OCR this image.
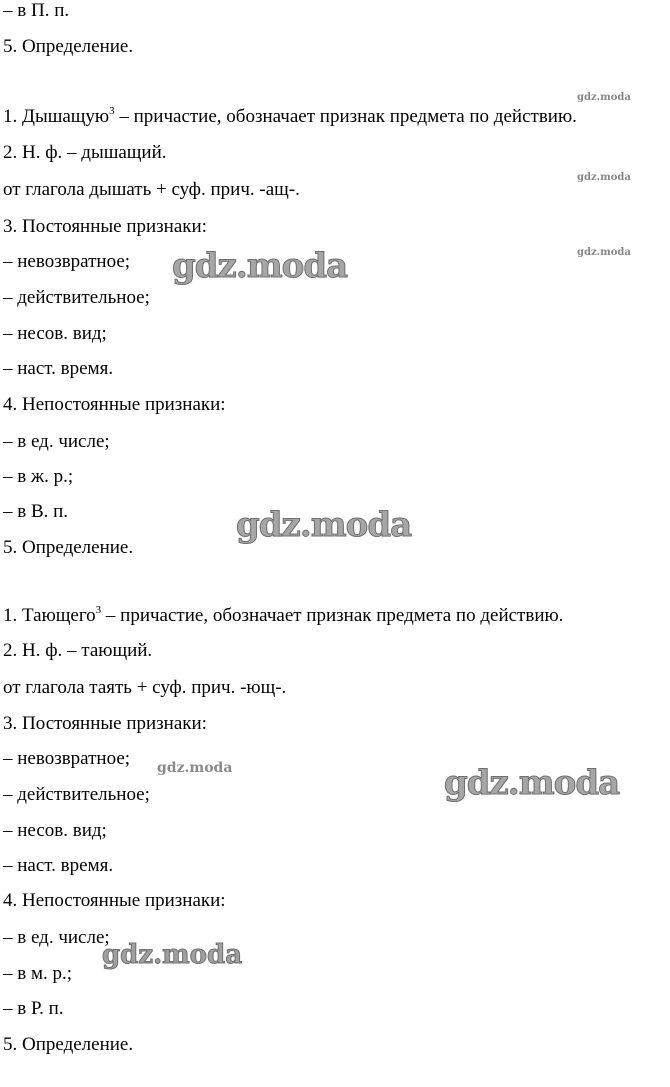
– в П. п.
5. Определение.
1. Дышащую$^3$ – причастие, обозначает признак предмета по действию.
2. Н. ф. – дышащий.
от глагола дышать + суф. прич. -ащ-.
3. Постоянные признаки:
– невозвратное;
– действительное;
– несов. вид;
– наст. время.
4. Непостоянные признаки:
– в ед. числе;
– в ж. р.;
– в В. п.
5. Определение.
1. Тающего$^3$ – причастие, обозначает признак предмета по действию.
2. Н. ф. – тающий.
от глагола таять + суф. прич. -ющ-.
3. Постоянные признаки:
– невозвратное;
– действительное;
– несов. вид;
– наст. время.
4. Непостоянные признаки:
– в ед. числе;
– в м. р.;
– в Р. п.
5. Определение.
gdz.moda
gdz.moda
gdz.moda
gdz.moda
gdz.moda
gdz.moda	gdz.moda
gdz.moda
